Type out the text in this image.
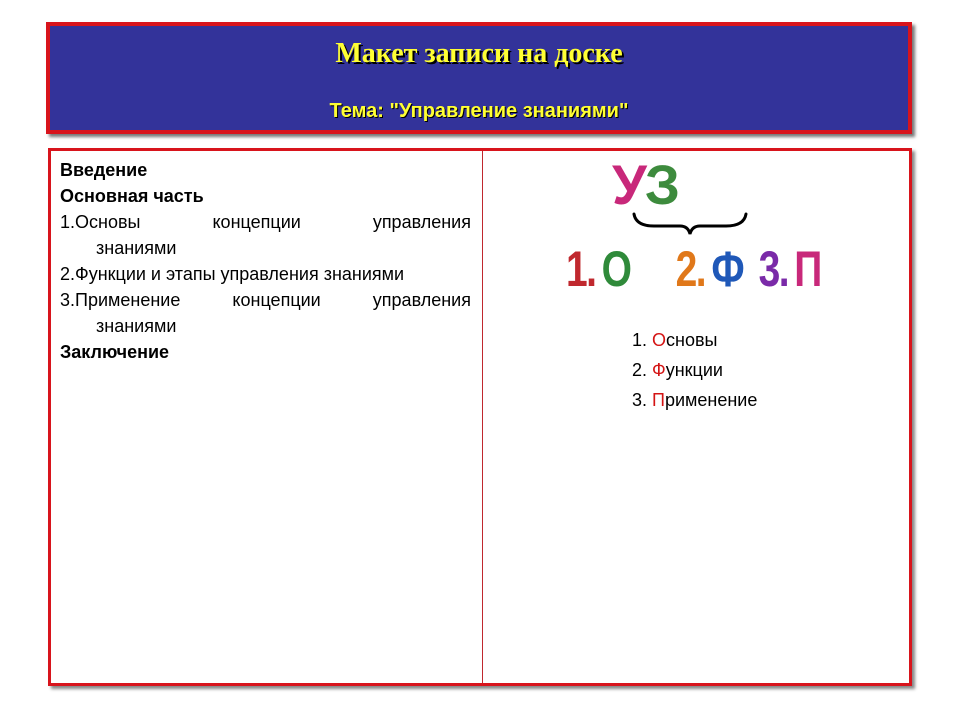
Макет записи на доске
Тема: "Управление знаниями"
Введение
Основная часть
1.Основы	концепции	управления
знаниями
2.Функции и этапы управления знаниями
3.Применение	концепции	управления
знаниями
Заключение
УЗ
1. О 2. Ф 3. П
1. Основы
2. Функции
3. Применение
